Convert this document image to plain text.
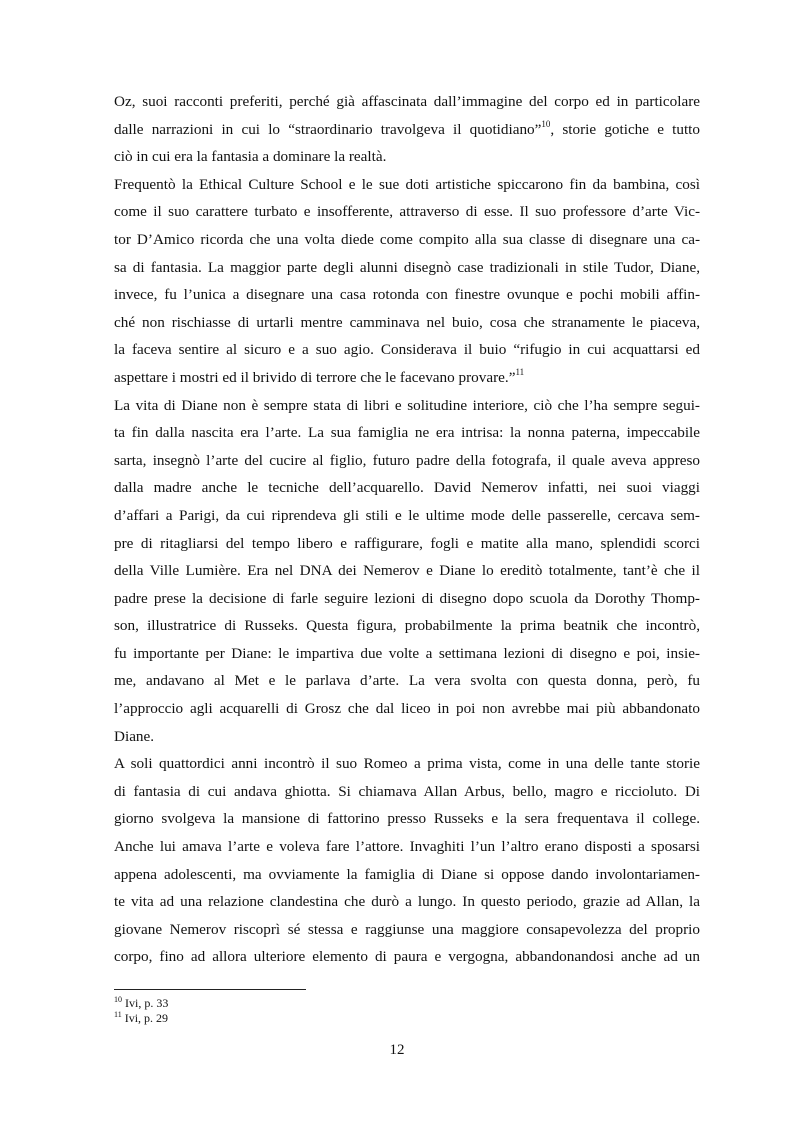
Oz, suoi racconti preferiti, perché già affascinata dall’immagine del corpo ed in particolare
dalle narrazioni in cui lo “straordinario travolgeva il quotidiano”$^{10}$, storie gotiche e tutto
ciò in cui era la fantasia a dominare la realtà.
Frequentò la Ethical Culture School e le sue doti artistiche spiccarono fin da bambina, così
come il suo carattere turbato e insofferente, attraverso di esse. Il suo professore d’arte Vic-
tor D’Amico ricorda che una volta diede come compito alla sua classe di disegnare una ca-
sa di fantasia. La maggior parte degli alunni disegnò case tradizionali in stile Tudor, Diane,
invece, fu l’unica a disegnare una casa rotonda con finestre ovunque e pochi mobili affin-
ché non rischiasse di urtarli mentre camminava nel buio, cosa che stranamente le piaceva,
la faceva sentire al sicuro e a suo agio. Considerava il buio “rifugio in cui acquattarsi ed
aspettare i mostri ed il brivido di terrore che le facevano provare.”$^{11}$
La vita di Diane non è sempre stata di libri e solitudine interiore, ciò che l’ha sempre segui-
ta fin dalla nascita era l’arte. La sua famiglia ne era intrisa: la nonna paterna, impeccabile
sarta, insegnò l’arte del cucire al figlio, futuro padre della fotografa, il quale aveva appreso
dalla madre anche le tecniche dell’acquarello. David Nemerov infatti, nei suoi viaggi
d’affari a Parigi, da cui riprendeva gli stili e le ultime mode delle passerelle, cercava sem-
pre di ritagliarsi del tempo libero e raffigurare, fogli e matite alla mano, splendidi scorci
della Ville Lumière. Era nel DNA dei Nemerov e Diane lo ereditò totalmente, tant’è che il
padre prese la decisione di farle seguire lezioni di disegno dopo scuola da Dorothy Thomp-
son, illustratrice di Russeks. Questa figura, probabilmente la prima beatnik che incontrò,
fu importante per Diane: le impartiva due volte a settimana lezioni di disegno e poi, insie-
me, andavano al Met e le parlava d’arte. La vera svolta con questa donna, però, fu
l’approccio agli acquarelli di Grosz che dal liceo in poi non avrebbe mai più abbandonato
Diane.
A soli quattordici anni incontrò il suo Romeo a prima vista, come in una delle tante storie
di fantasia di cui andava ghiotta. Si chiamava Allan Arbus, bello, magro e riccioluto. Di
giorno svolgeva la mansione di fattorino presso Russeks e la sera frequentava il college.
Anche lui amava l’arte e voleva fare l’attore. Invaghiti l’un l’altro erano disposti a sposarsi
appena adolescenti, ma ovviamente la famiglia di Diane si oppose dando involontariamen-
te vita ad una relazione clandestina che durò a lungo. In questo periodo, grazie ad Allan, la
giovane Nemerov riscoprì sé stessa e raggiunse una maggiore consapevolezza del proprio
corpo, fino ad allora ulteriore elemento di paura e vergogna, abbandonandosi anche ad un
$^{10}$ Ivi, p. 33
$^{11}$ Ivi, p. 29
12
